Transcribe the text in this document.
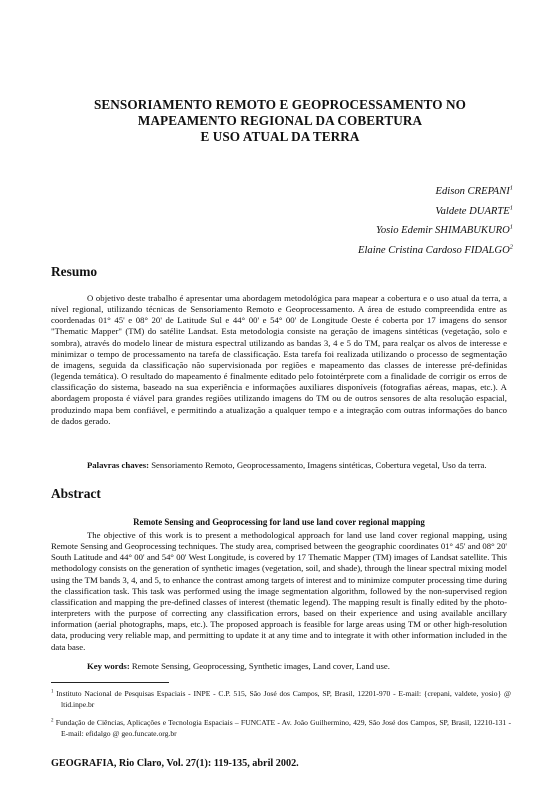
SENSORIAMENTO REMOTO E GEOPROCESSAMENTO NO
MAPEAMENTO REGIONAL DA COBERTURA
E USO ATUAL DA TERRA
Edison CREPANI$^1$
Valdete DUARTE$^1$
Yosio Edemir SHIMABUKURO$^1$
Elaine Cristina Cardoso FIDALGO$^2$
Resumo
O objetivo deste trabalho é apresentar uma abordagem metodológica para mapear a cobertura e o uso atual da terra, a nível regional, utilizando técnicas de Sensoriamento Remoto e Geoprocessamento. A área de estudo compreendida entre as coordenadas 01° 45' e 08° 20' de Latitude Sul e 44° 00' e 54° 00' de Longitude Oeste é coberta por 17 imagens do sensor "Thematic Mapper" (TM) do satélite Landsat. Esta metodologia consiste na geração de imagens sintéticas (vegetação, solo e sombra), através do modelo linear de mistura espectral utilizando as bandas 3, 4 e 5 do TM, para realçar os alvos de interesse e minimizar o tempo de processamento na tarefa de classificação. Esta tarefa foi realizada utilizando o processo de segmentação de imagens, seguida da classificação não supervisionada por regiões e mapeamento das classes de interesse pré-definidas (legenda temática). O resultado do mapeamento é finalmente editado pelo fotointérprete com a finalidade de corrigir os erros de classificação do sistema, baseado na sua experiência e informações auxiliares disponíveis (fotografias aéreas, mapas, etc.). A abordagem proposta é viável para grandes regiões utilizando imagens do TM ou de outros sensores de alta resolução espacial, produzindo mapa bem confiável, e permitindo a atualização a qualquer tempo e a integração com outras informações do banco de dados gerado.
Palavras chaves: Sensoriamento Remoto, Geoprocessamento, Imagens sintéticas, Cobertura vegetal, Uso da terra.
Abstract
Remote Sensing and Geoprocessing for land use land cover regional mapping
The objective of this work is to present a methodological approach for land use land cover regional mapping, using Remote Sensing and Geoprocessing techniques. The study area, comprised between the geographic coordinates 01° 45' and 08° 20' South Latitude and 44° 00' and 54° 00' West Longitude, is covered by 17 Thematic Mapper (TM) images of Landsat satellite. This methodology consists on the generation of synthetic images (vegetation, soil, and shade), through the linear spectral mixing model using the TM bands 3, 4, and 5, to enhance the contrast among targets of interest and to minimize computer processing time during the classification task. This task was performed using the image segmentation algorithm, followed by the non-supervised region classification and mapping the pre-defined classes of interest (thematic legend). The mapping result is finally edited by the photo-interpreters with the purpose of correcting any classification errors, based on their experience and using available ancillary information (aerial photographs, maps, etc.). The proposed approach is feasible for large areas using TM or other high-resolution data, producing very reliable map, and permitting to update it at any time and to integrate it with other information included in the data base.
Key words: Remote Sensing, Geoprocessing, Synthetic images, Land cover, Land use.
$^1$ Instituto Nacional de Pesquisas Espaciais - INPE - C.P. 515, São José dos Campos, SP, Brasil, 12201-970 - E-mail: {crepani, valdete, yosio} @ ltid.inpe.br
$^2$ Fundação de Ciências, Aplicações e Tecnologia Espaciais – FUNCATE - Av. João Guilhermino, 429, São José dos Campos, SP, Brasil, 12210-131 - E-mail: efidalgo @ geo.funcate.org.br
GEOGRAFIA, Rio Claro, Vol. 27(1): 119-135, abril 2002.
